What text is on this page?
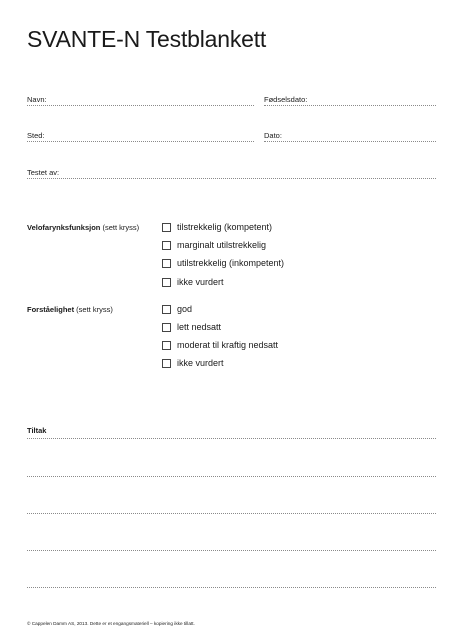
SVANTE-N Testblankett
Navn:	Fødselsdato:
Sted:	Dato:
Testet av:
Velofarynksfunksjon (sett kryss)	tilstrekkelig (kompetent)
marginalt utilstrekkelig
utilstrekkelig (inkompetent)
ikke vurdert
Forståelighet (sett kryss)	god
lett nedsatt
moderat til kraftig nedsatt
ikke vurdert
Tiltak
© Cappelen Damm AS, 2013. Dette er et engangsmateriell – kopiering ikke tillatt.
